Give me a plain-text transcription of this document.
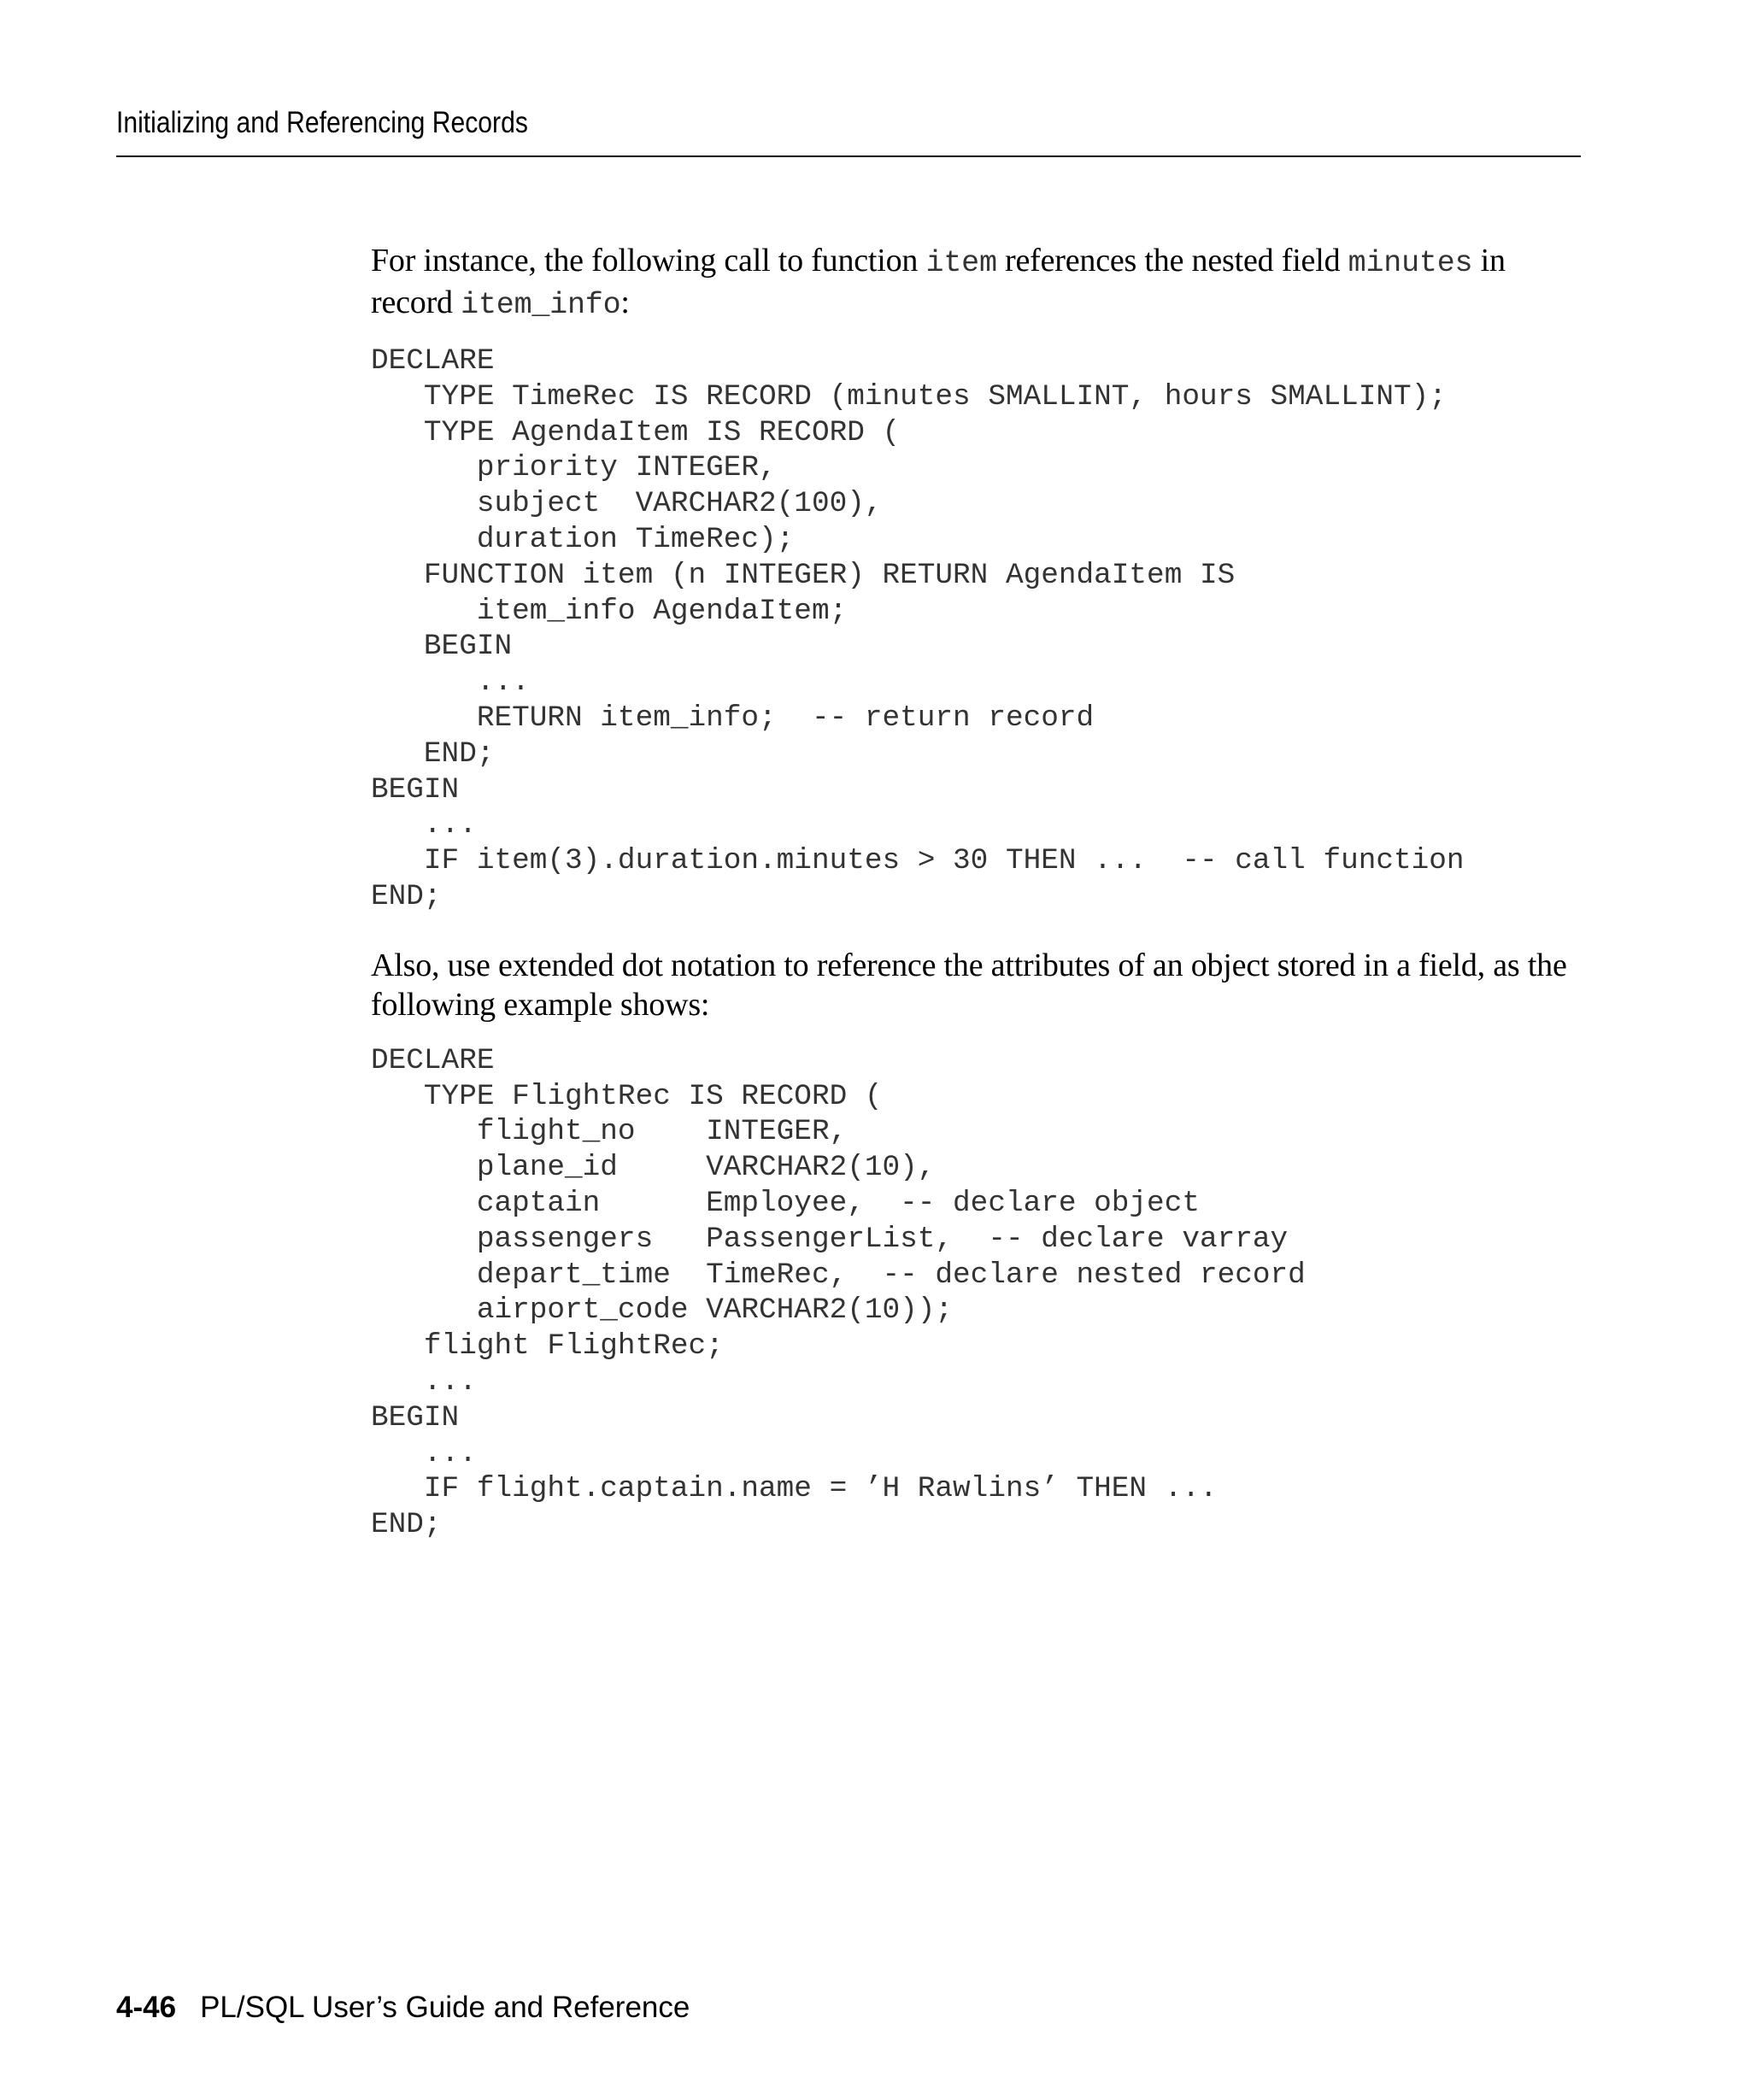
Initializing and Referencing Records

For instance, the following call to function item references the nested field minutes in record item_info:

DECLARE
TYPE TimeRec IS RECORD (minutes SMALLINT, hours SMALLINT);
TYPE AgendaItem IS RECORD (
priority INTEGER,
subject  VARCHAR2(100),
duration TimeRec);
FUNCTION item (n INTEGER) RETURN AgendaItem IS
item_info AgendaItem;
BEGIN
...
RETURN item_info;  -- return record
END;
BEGIN
...
IF item(3).duration.minutes > 30 THEN ...  -- call function
END;

Also, use extended dot notation to reference the attributes of an object stored in a field, as the following example shows:

DECLARE
TYPE FlightRec IS RECORD (
flight_no    INTEGER,
plane_id     VARCHAR2(10),
captain      Employee,  -- declare object
passengers   PassengerList,  -- declare varray
depart_time  TimeRec,  -- declare nested record
airport_code VARCHAR2(10));
flight FlightRec;
...
BEGIN
...
IF flight.captain.name = ’H Rawlins’ THEN ...
END;
4-46 PL/SQL User’s Guide and Reference
